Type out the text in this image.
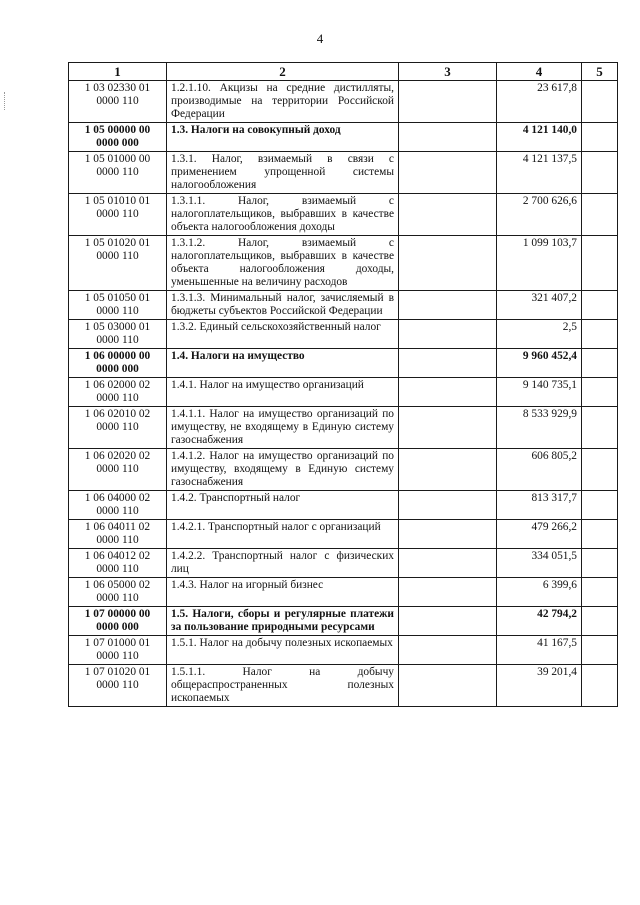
4
1	2	3	4	5
1 03 02330 01 0000 110	1.2.1.10. Акцизы на средние дистилляты, производимые на территории Российской Федерации		23 617,8	
1 05 00000 00 0000 000	1.3. Налоги на совокупный доход		4 121 140,0	
1 05 01000 00 0000 110	1.3.1. Налог, взимаемый в связи с применением упрощенной системы налогообложения		4 121 137,5	
1 05 01010 01 0000 110	1.3.1.1. Налог, взимаемый с налогоплательщиков, выбравших в качестве объекта налогообложения доходы		2 700 626,6	
1 05 01020 01 0000 110	1.3.1.2. Налог, взимаемый с налогоплательщиков, выбравших в качестве объекта налогообложения доходы, уменьшенные на величину расходов		1 099 103,7	
1 05 01050 01 0000 110	1.3.1.3. Минимальный налог, зачисляемый в бюджеты субъектов Российской Федерации		321 407,2	
1 05 03000 01 0000 110	1.3.2. Единый сельскохозяйственный налог		2,5	
1 06 00000 00 0000 000	1.4. Налоги на имущество		9 960 452,4	
1 06 02000 02 0000 110	1.4.1. Налог на имущество организаций		9 140 735,1	
1 06 02010 02 0000 110	1.4.1.1. Налог на имущество организаций по имуществу, не входящему в Единую систему газоснабжения		8 533 929,9	
1 06 02020 02 0000 110	1.4.1.2. Налог на имущество организаций по имуществу, входящему в Единую систему газоснабжения		606 805,2	
1 06 04000 02 0000 110	1.4.2. Транспортный налог		813 317,7	
1 06 04011 02 0000 110	1.4.2.1. Транспортный налог с организаций		479 266,2	
1 06 04012 02 0000 110	1.4.2.2. Транспортный налог с физических лиц		334 051,5	
1 06 05000 02 0000 110	1.4.3. Налог на игорный бизнес		6 399,6	
1 07 00000 00 0000 000	1.5. Налоги, сборы и регулярные платежи за пользование природными ресурсами		42 794,2	
1 07 01000 01 0000 110	1.5.1. Налог на добычу полезных ископаемых		41 167,5	
1 07 01020 01 0000 110	1.5.1.1. Налог на добычу общераспространенных полезных ископаемых		39 201,4	
